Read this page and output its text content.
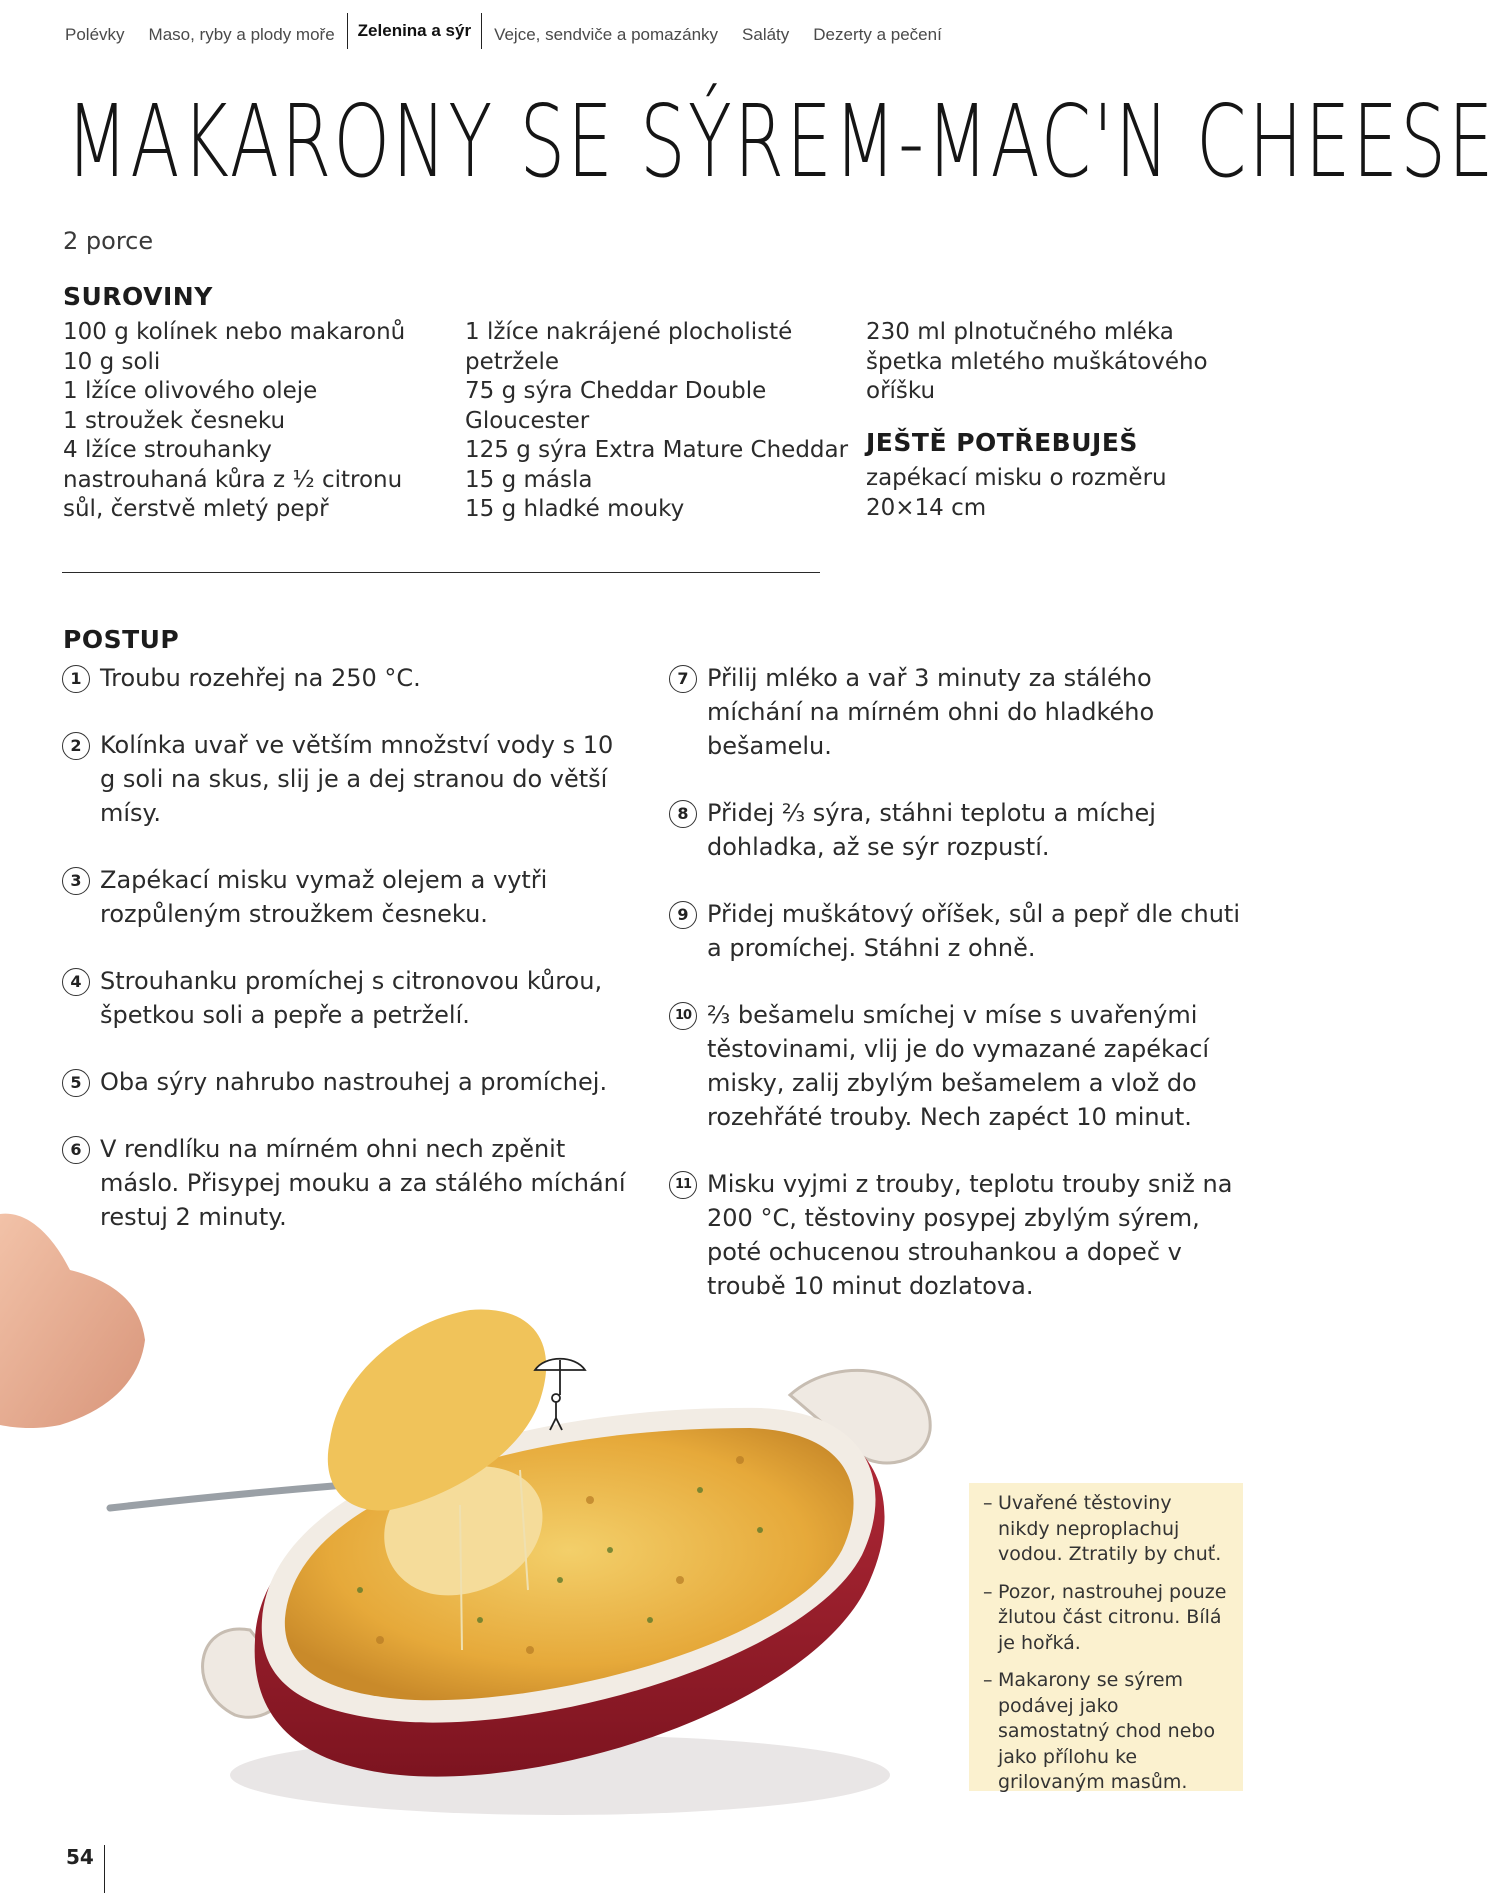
Polévky Maso, ryby a plody moře	Zelenina a sýr	Vejce, sendviče a pomazánky Saláty Dezerty a pečení
MAKARONY SE SÝREM-MAC'N CHEESE
2 porce
SUROVINY
100 g kolínek nebo makaronů
10 g soli
1 lžíce olivového oleje
1 stroužek česneku
4 lžíce strouhanky
nastrouhaná kůra z ½ citronu
sůl, čerstvě mletý pepř
1 lžíce nakrájené plocholisté
petržele
75 g sýra Cheddar Double
Gloucester
125 g sýra Extra Mature Cheddar
15 g másla
15 g hladké mouky
230 ml plnotučného mléka
špetka mletého muškátového
oříšku
JEŠTĚ POTŘEBUJEŠ
zapékací misku o rozměru
20×14 cm
POSTUP
1 Troubu rozehřej na 250 °C.
2 Kolínka uvař ve větším množství vody s 10 g soli na skus, slij je a dej stranou do větší mísy.
3 Zapékací misku vymaž olejem a vytři rozpůleným stroužkem česneku.
4 Strouhanku promíchej s citronovou kůrou, špetkou soli a pepře a petrželí.
5 Oba sýry nahrubo nastrouhej a promíchej.
6 V rendlíku na mírném ohni nech zpěnit máslo. Přisypej mouku a za stálého míchání restuj 2 minuty.
7 Přilij mléko a vař 3 minuty za stálého míchání na mírném ohni do hladkého bešamelu.
8 Přidej ⅔ sýra, stáhni teplotu a míchej dohladka, až se sýr rozpustí.
9 Přidej muškátový oříšek, sůl a pepř dle chuti a promíchej. Stáhni z ohně.
10 ⅔ bešamelu smíchej v míse s uvařenými těstovinami, vlij je do vymazané zapékací misky, zalij zbylým bešamelem a vlož do rozehřáté trouby. Nech zapéct 10 minut.
11 Misku vyjmi z trouby, teplotu trouby sniž na 200 °C, těstoviny posypej zbylým sýrem, poté ochucenou strouhankou a dopeč v troubě 10 minut dozlatova.
– Uvařené těstoviny nikdy neproplachuj vodou. Ztratily by chuť.
– Pozor, nastrouhej pouze žlutou část citronu. Bílá je hořká.
– Makarony se sýrem podávej jako samostatný chod nebo jako přílohu ke grilovaným masům.
54
